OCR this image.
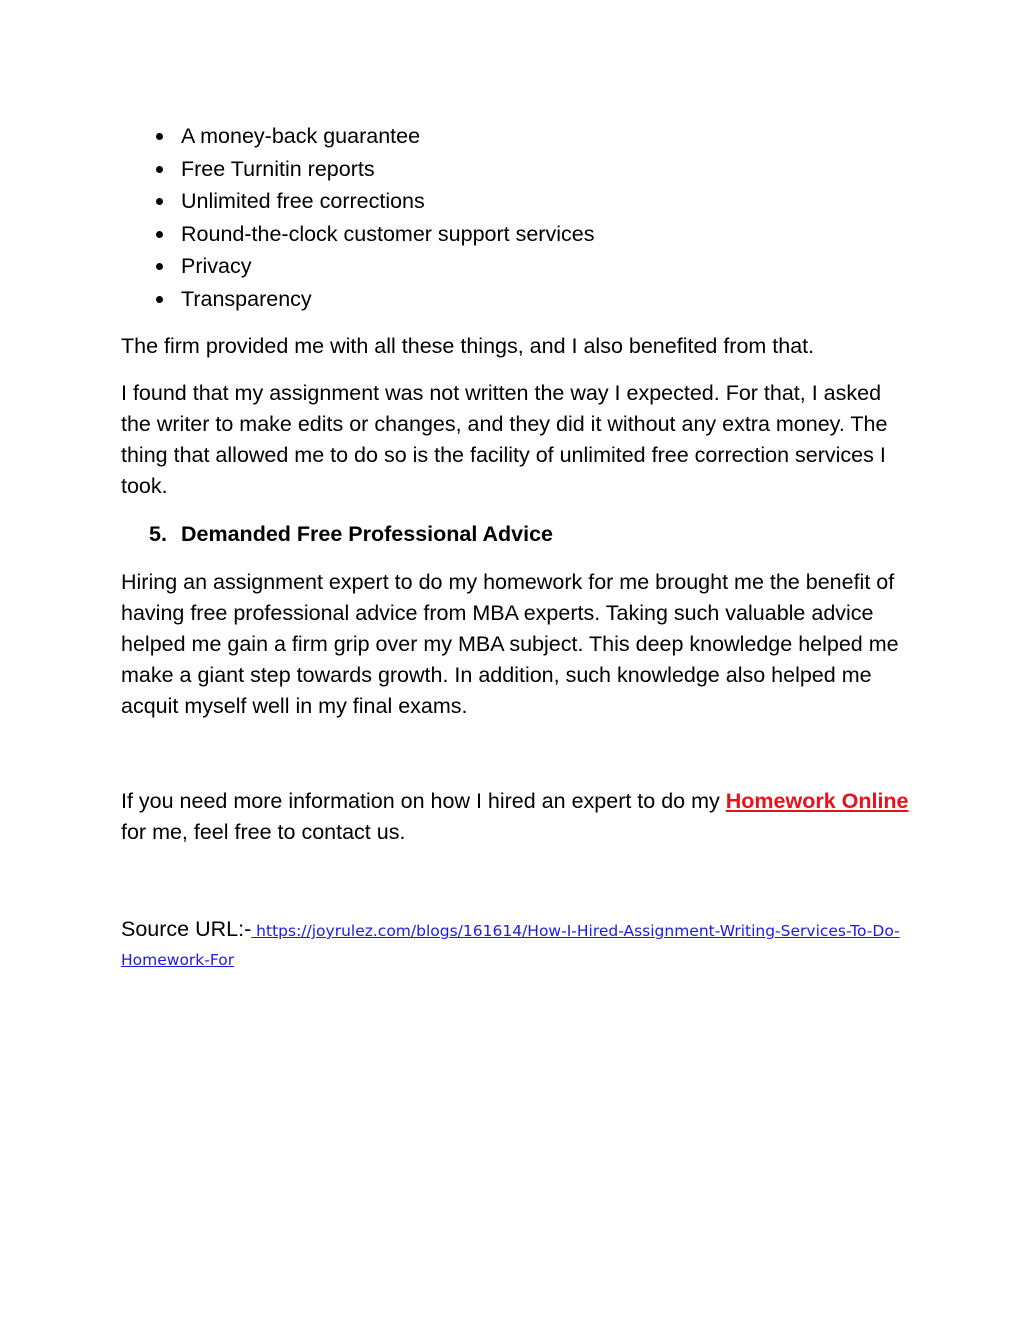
A money-back guarantee
Free Turnitin reports
Unlimited free corrections
Round-the-clock customer support services
Privacy
Transparency

The firm provided me with all these things, and I also benefited from that.

I found that my assignment was not written the way I expected. For that, I asked the writer to make edits or changes, and they did it without any extra money. The thing that allowed me to do so is the facility of unlimited free correction services I took.

5. Demanded Free Professional Advice

Hiring an assignment expert to do my homework for me brought me the benefit of having free professional advice from MBA experts. Taking such valuable advice helped me gain a firm grip over my MBA subject. This deep knowledge helped me make a giant step towards growth. In addition, such knowledge also helped me acquit myself well in my final exams.

If you need more information on how I hired an expert to do my Homework Online for me, feel free to contact us.

Source URL:- https://joyrulez.com/blogs/161614/How-I-Hired-Assignment-Writing-Services-To-Do-Homework-For
